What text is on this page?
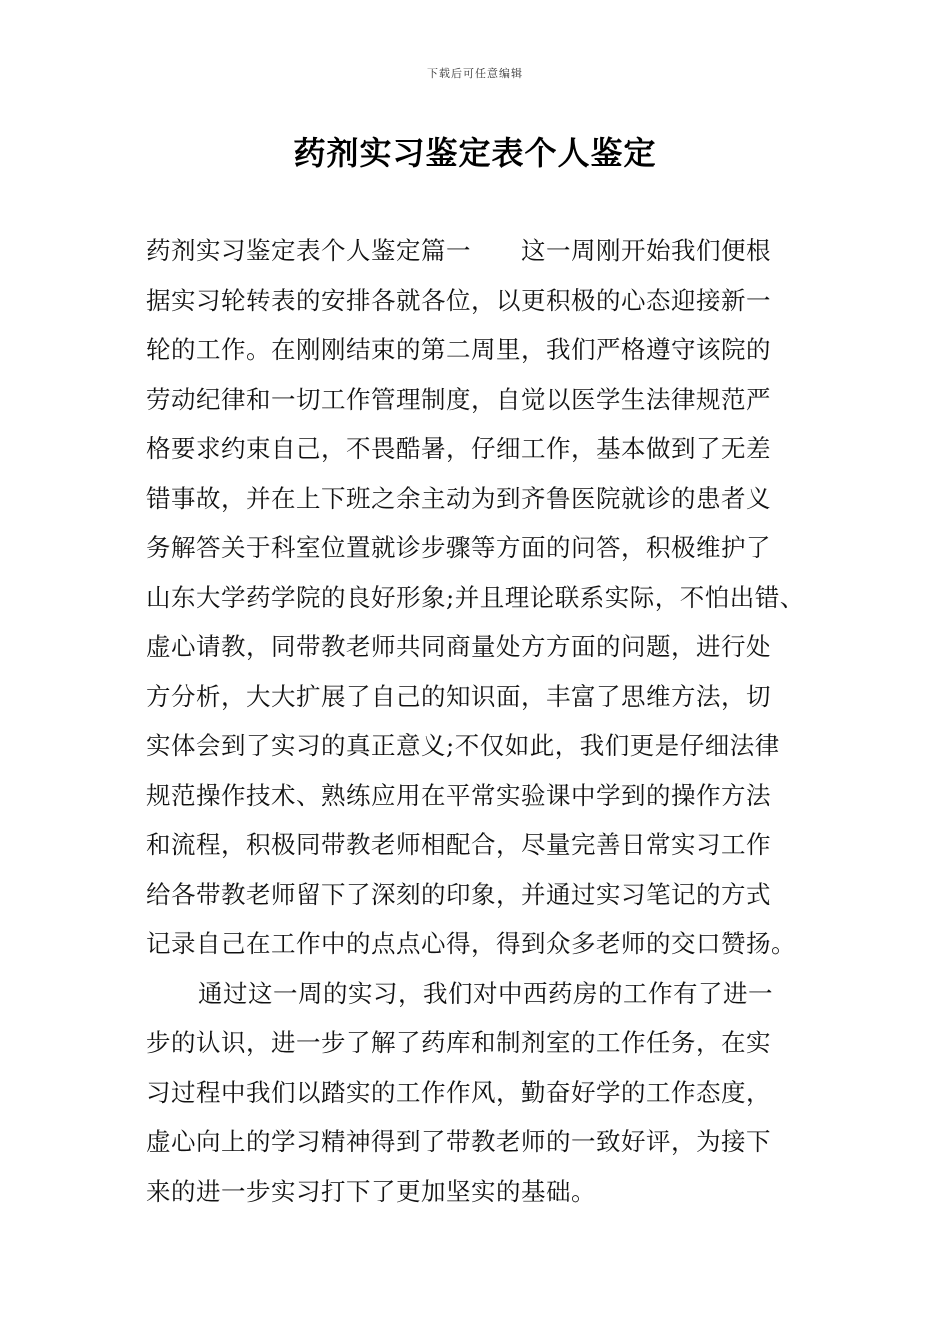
下载后可任意编辑
药剂实习鉴定表个人鉴定
药剂实习鉴定表个人鉴定篇一　　这一周刚开始我们便根
据实习轮转表的安排各就各位，以更积极的心态迎接新一
轮的工作。在刚刚结束的第二周里，我们严格遵守该院的
劳动纪律和一切工作管理制度，自觉以医学生法律规范严
格要求约束自己，不畏酷暑，仔细工作，基本做到了无差
错事故，并在上下班之余主动为到齐鲁医院就诊的患者义
务解答关于科室位置就诊步骤等方面的问答，积极维护了
山东大学药学院的良好形象;并且理论联系实际，不怕出错、
虚心请教，同带教老师共同商量处方方面的问题，进行处
方分析，大大扩展了自己的知识面，丰富了思维方法，切
实体会到了实习的真正意义;不仅如此，我们更是仔细法律
规范操作技术、熟练应用在平常实验课中学到的操作方法
和流程，积极同带教老师相配合，尽量完善日常实习工作
给各带教老师留下了深刻的印象，并通过实习笔记的方式
记录自己在工作中的点点心得，得到众多老师的交口赞扬。
通过这一周的实习，我们对中西药房的工作有了进一
步的认识，进一步了解了药库和制剂室的工作任务，在实
习过程中我们以踏实的工作作风，勤奋好学的工作态度，
虚心向上的学习精神得到了带教老师的一致好评，为接下
来的进一步实习打下了更加坚实的基础。
